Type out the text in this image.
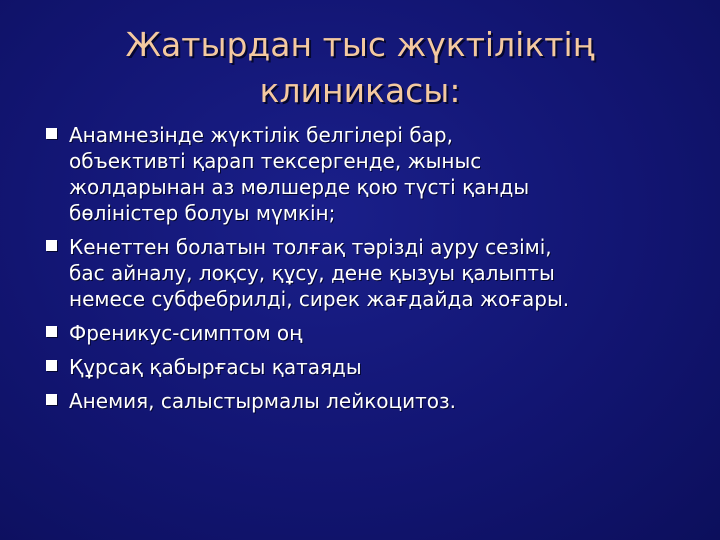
Жатырдан тыс жүктіліктің
клиникасы:
Анамнезінде жүктілік белгілері бар,
объективті қарап тексергенде, жыныс
жолдарынан аз мөлшерде қою түсті қанды
бөліністер болуы мүмкін;
Кенеттен болатын толғақ тәрізді ауру сезімі,
бас айналу, лоқсу, құсу, дене қызуы қалыпты
немесе субфебрилді, сирек жағдайда жоғары.
Френикус-симптом оң
Құрсақ қабырғасы қатаяды
Анемия, салыстырмалы лейкоцитоз.
